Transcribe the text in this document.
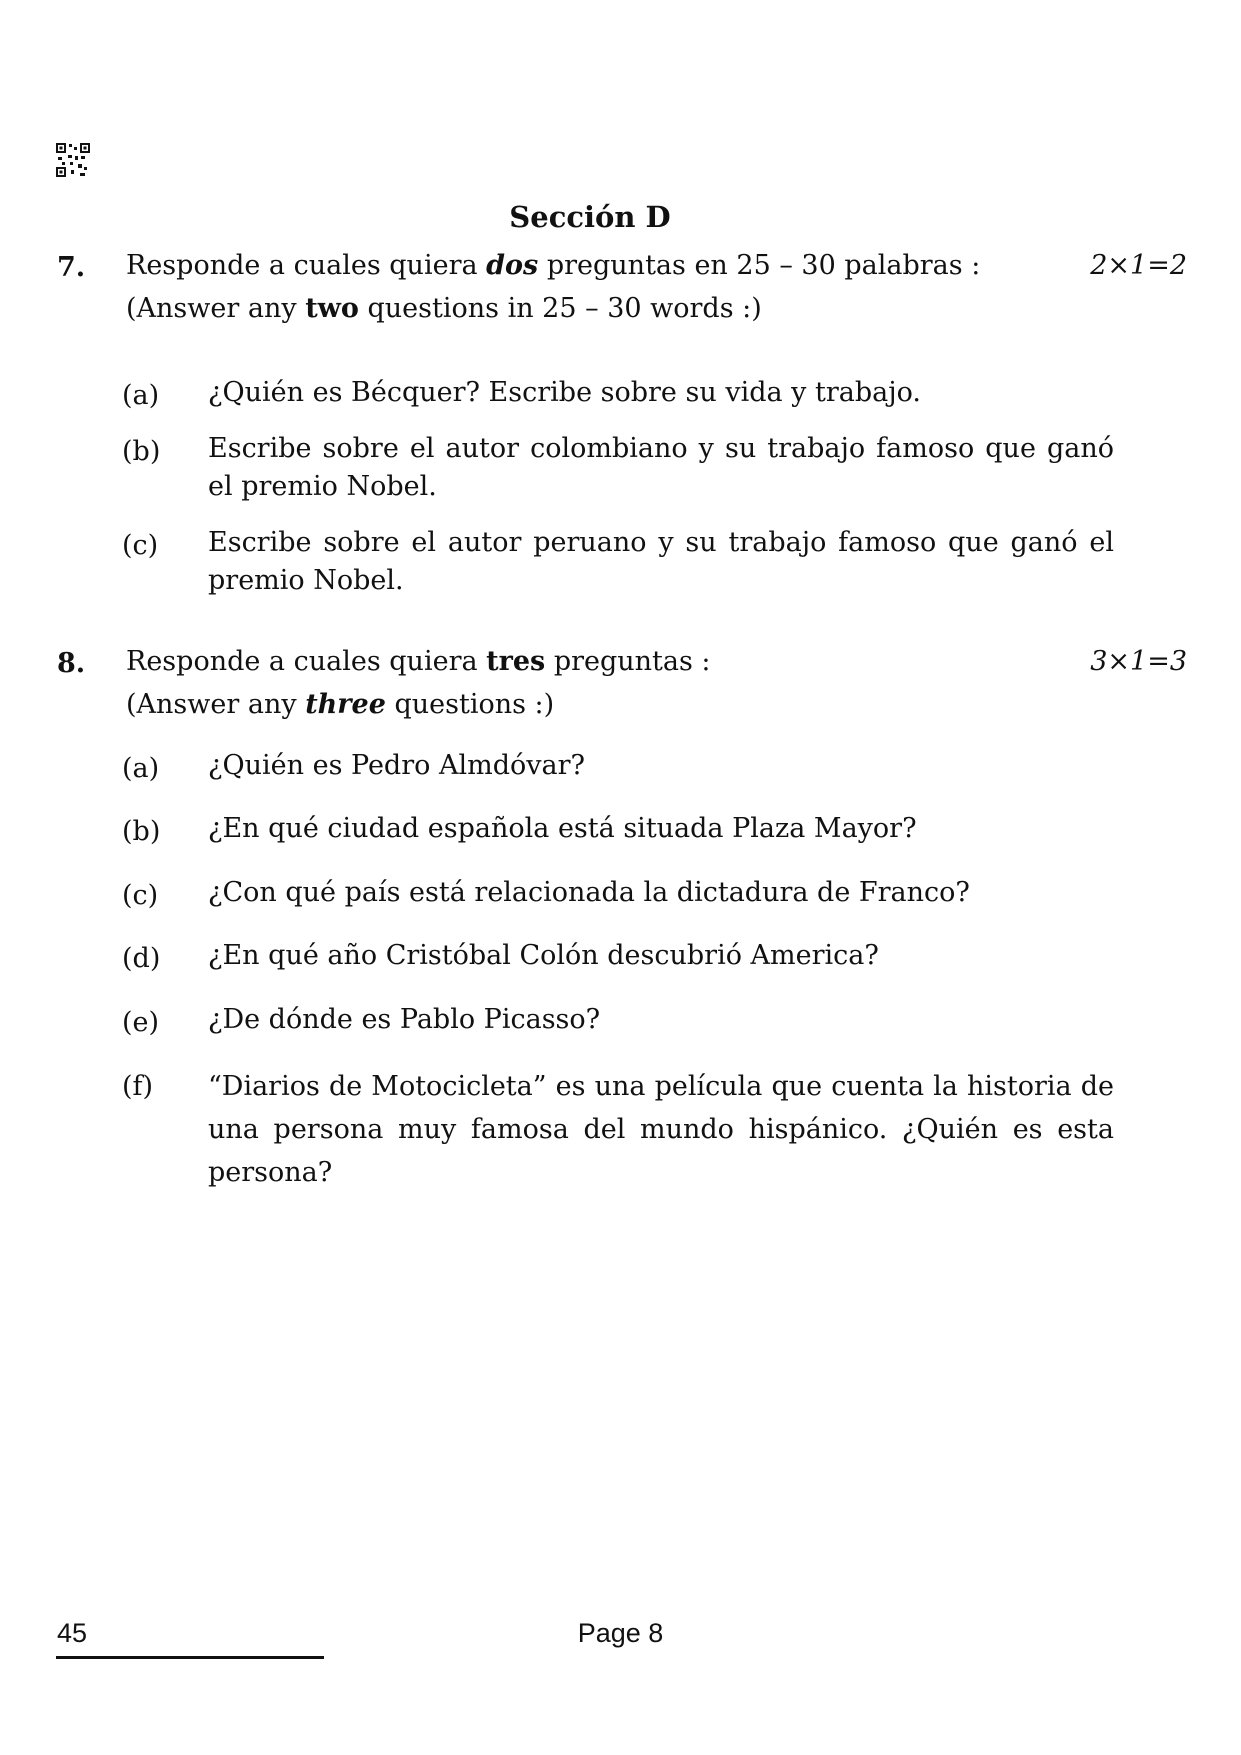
Sección D
7. Responde a cuales quiera dos preguntas en 25 – 30 palabras :	2×1=2
(Answer any two questions in 25 – 30 words :)
(a) ¿Quién es Bécquer? Escribe sobre su vida y trabajo.
(b) Escribe sobre el autor colombiano y su trabajo famoso que ganó el premio Nobel.
(c) Escribe sobre el autor peruano y su trabajo famoso que ganó el premio Nobel.
8. Responde a cuales quiera tres preguntas :	3×1=3
(Answer any three questions :)
(a) ¿Quién es Pedro Almdóvar?
(b) ¿En qué ciudad española está situada Plaza Mayor?
(c) ¿Con qué país está relacionada la dictadura de Franco?
(d) ¿En qué año Cristóbal Colón descubrió America?
(e) ¿De dónde es Pablo Picasso?
(f) “Diarios de Motocicleta” es una película que cuenta la historia de una persona muy famosa del mundo hispánico. ¿Quién es esta persona?
45	Page 8
